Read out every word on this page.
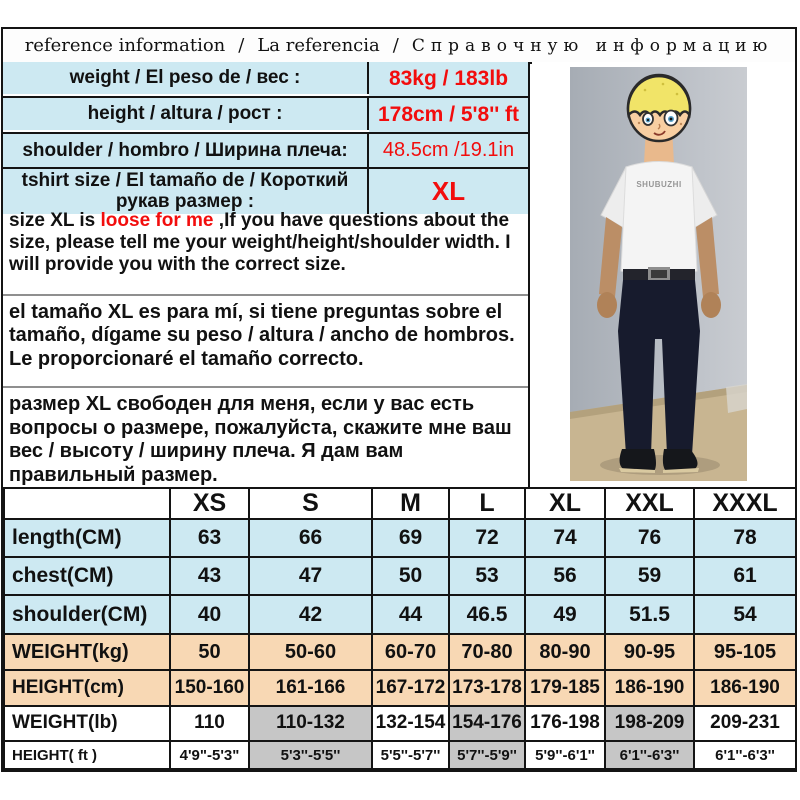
reference information / La referencia / Справочную информацию
weight / El peso de / вес :	83kg / 183lb
height / altura / рост :	178cm / 5'8'' ft
shoulder / hombro / Ширина плеча:	48.5cm /19.1in
tshirt size / El tamaño de / Короткий рукав размер :	XL
size XL is loose for me ,If you have questions about the size, please tell me your weight/height/shoulder width. I will provide you with the correct size.
el tamaño XL es para mí, si tiene preguntas sobre el tamaño, dígame su peso / altura / ancho de hombros. Le proporcionaré el tamaño correcto.
размер XL свободен для меня, если у вас есть вопросы о размере, пожалуйста, скажите мне ваш вес / высоту / ширину плеча. Я дам вам правильный размер.
SHUBUZHI
	XS	S	M	L	XL	XXL	XXXL
length(CM)	63	66	69	72	74	76	78
chest(CM)	43	47	50	53	56	59	61
shoulder(CM)	40	42	44	46.5	49	51.5	54
WEIGHT(kg)	50	50-60	60-70	70-80	80-90	90-95	95-105
HEIGHT(cm)	150-160	161-166	167-172	173-178	179-185	186-190	186-190
WEIGHT(lb)	110	110-132	132-154	154-176	176-198	198-209	209-231
HEIGHT( ft )	4'9"-5'3"	5'3''-5'5''	5'5''-5'7''	5'7''-5'9''	5'9''-6'1''	6'1''-6'3''	6'1''-6'3''
